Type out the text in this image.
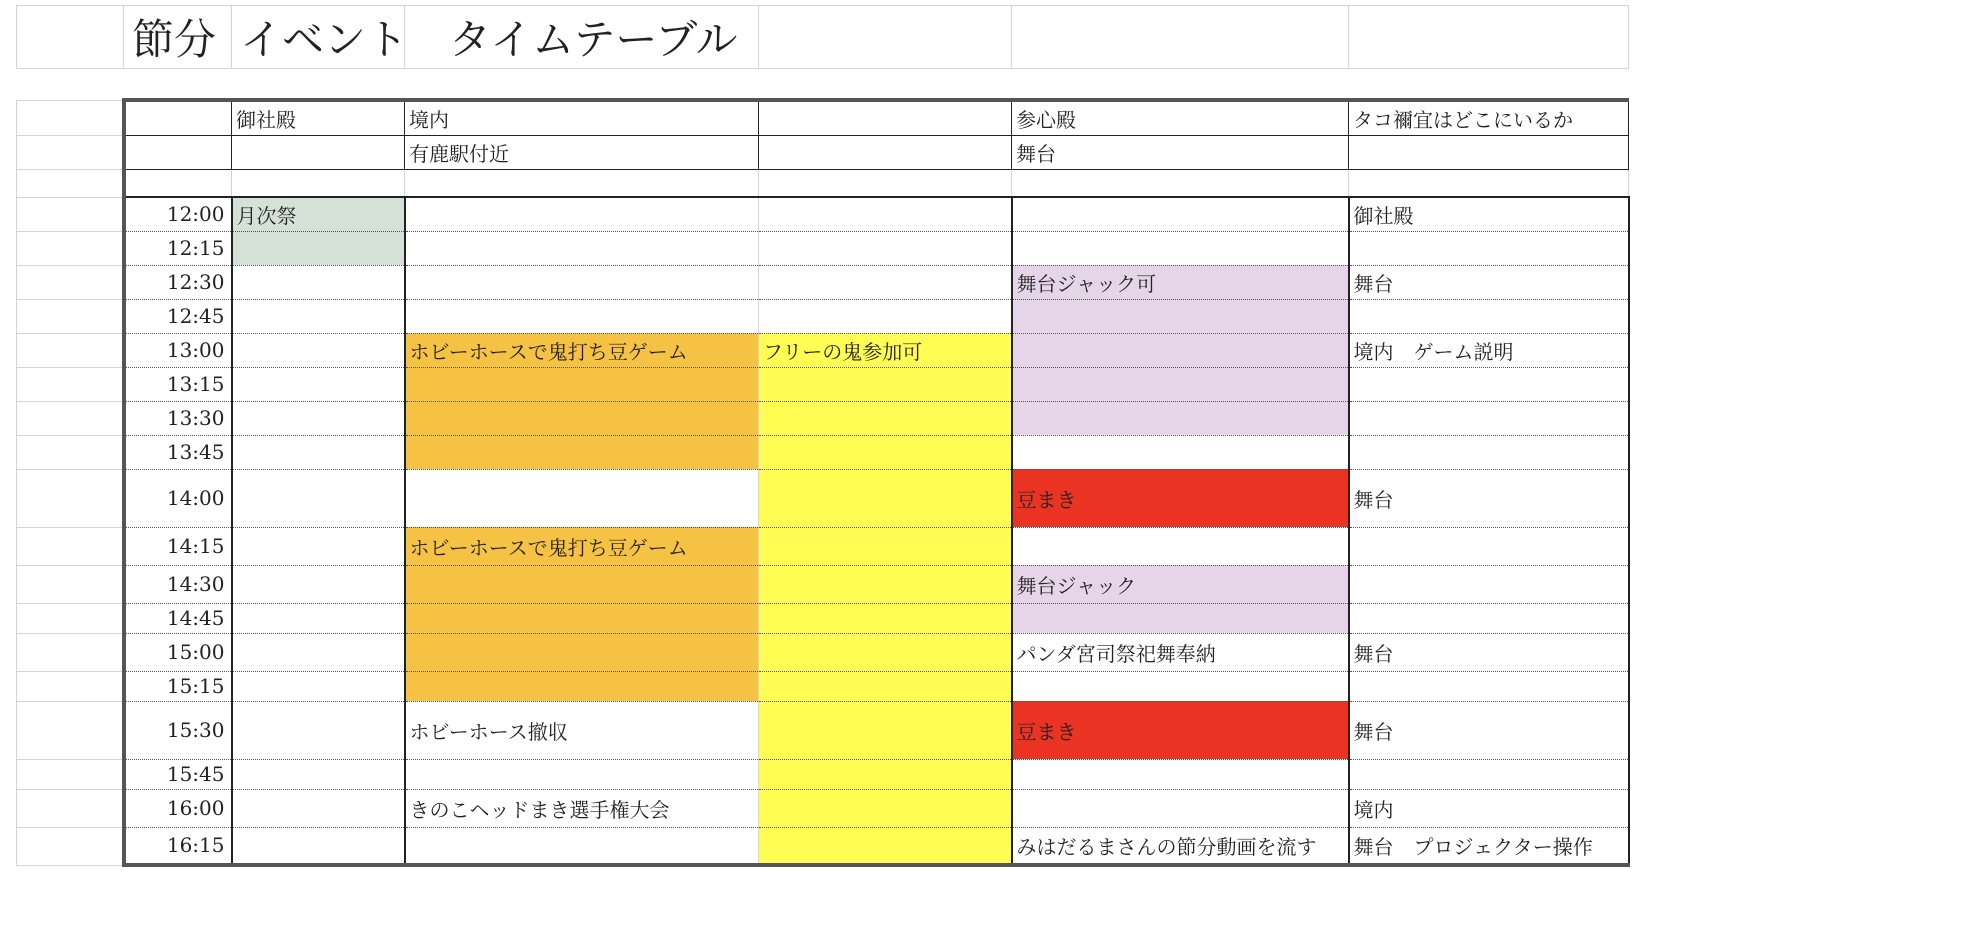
	節分	イベント	タイムテーブル			
		御社殿	境内		参心殿	タコ禰宜はどこにいるか
			有鹿駅付近		舞台	

	12:00	月次祭				御社殿
	12:15					
	12:30				舞台ジャック可	舞台
	12:45					
	13:00		ホビーホースで鬼打ち豆ゲーム	フリーの鬼参加可		境内　ゲーム説明
	13:15					
	13:30					
	13:45					
	14:00				豆まき	舞台
	14:15		ホビーホースで鬼打ち豆ゲーム			
	14:30				舞台ジャック	
	14:45					
	15:00				パンダ宮司祭祀舞奉納	舞台
	15:15					
	15:30		ホビーホース撤収		豆まき	舞台
	15:45					
	16:00		きのこヘッドまき選手権大会			境内
	16:15				みはだるまさんの節分動画を流す	舞台　プロジェクター操作
